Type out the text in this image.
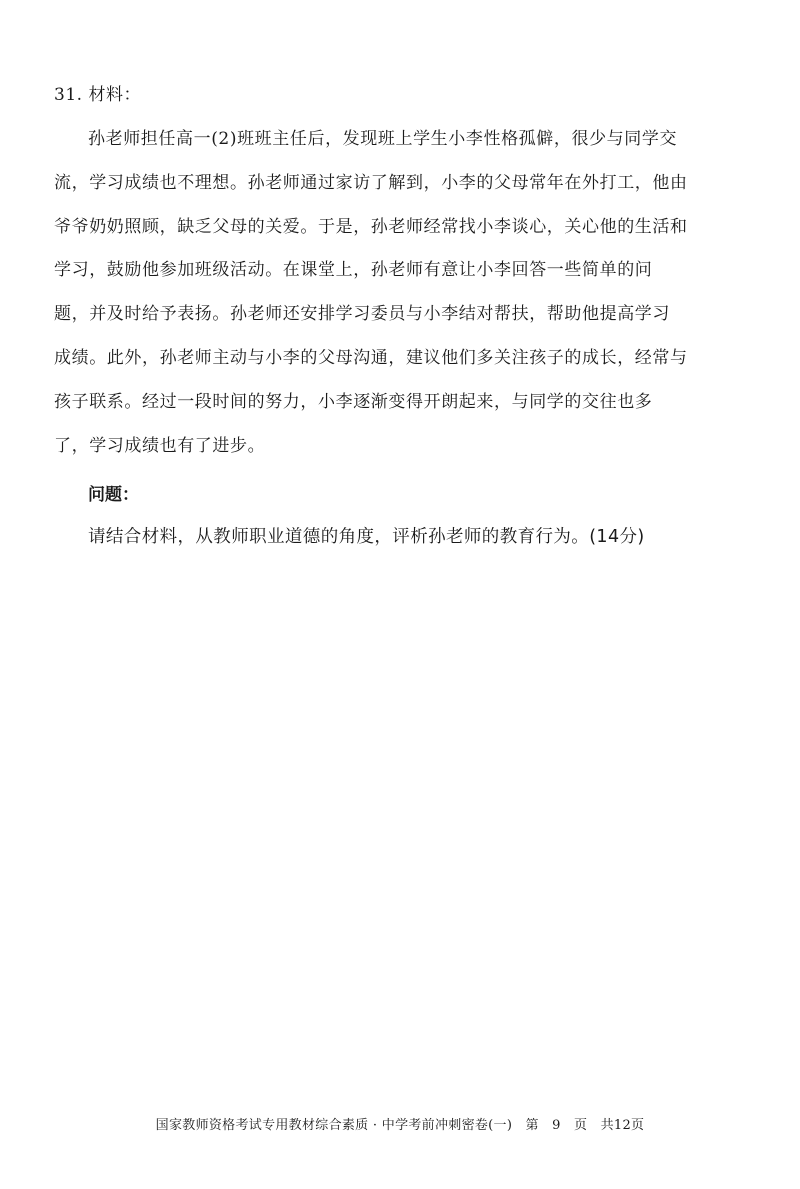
31. 材料：
孙老师担任高一(2)班班主任后，发现班上学生小李性格孤僻，很少与同学交
流，学习成绩也不理想。孙老师通过家访了解到，小李的父母常年在外打工，他由
爷爷奶奶照顾，缺乏父母的关爱。于是，孙老师经常找小李谈心，关心他的生活和
学习，鼓励他参加班级活动。在课堂上，孙老师有意让小李回答一些简单的问
题，并及时给予表扬。孙老师还安排学习委员与小李结对帮扶，帮助他提高学习
成绩。此外，孙老师主动与小李的父母沟通，建议他们多关注孩子的成长，经常与
孩子联系。经过一段时间的努力，小李逐渐变得开朗起来，与同学的交往也多
了，学习成绩也有了进步。
问题：
请结合材料，从教师职业道德的角度，评析孙老师的教育行为。(14分)
国家教师资格考试专用教材综合素质 · 中学考前冲刺密卷(一)　第　9　页　共12页
